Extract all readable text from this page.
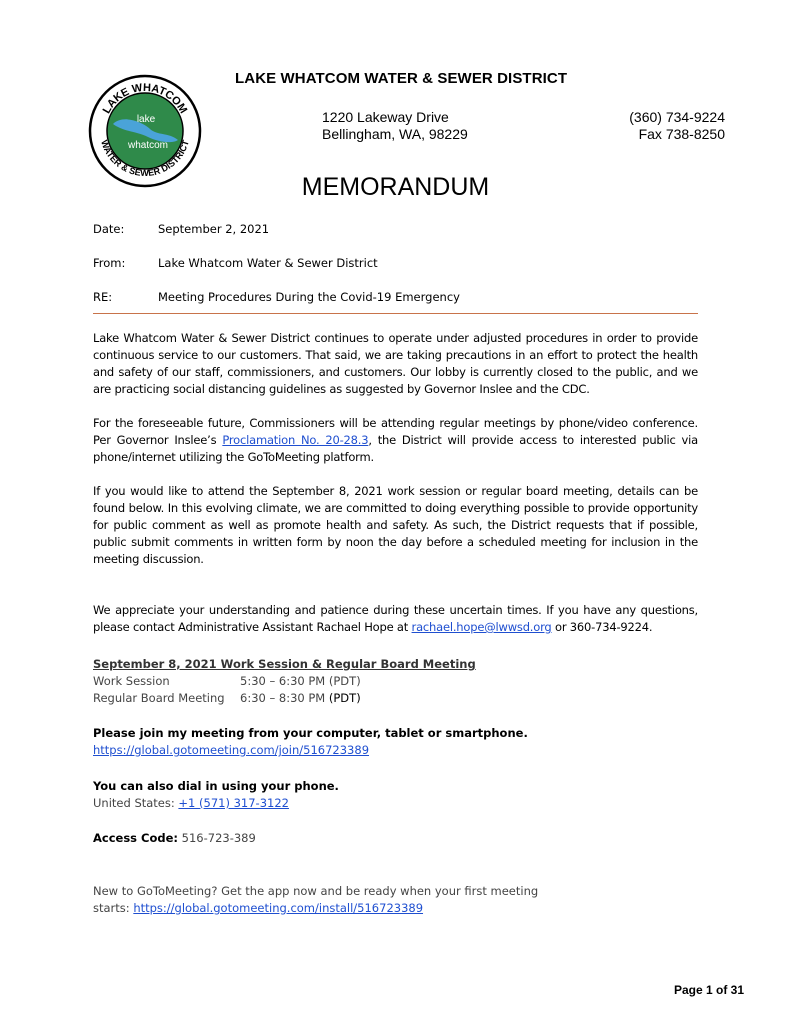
LAKE WHATCOM
WATER & SEWER DISTRICT
lake
whatcom
LAKE WHATCOM WATER & SEWER DISTRICT
1220 Lakeway Drive
Bellingham, WA, 98229
(360) 734-9224
Fax 738-8250
MEMORANDUM
Date:	September 2, 2021
From:	Lake Whatcom Water & Sewer District
RE:	Meeting Procedures During the Covid-19 Emergency
Lake Whatcom Water & Sewer District continues to operate under adjusted procedures in order to provide continuous service to our customers. That said, we are taking precautions in an effort to protect the health and safety of our staff, commissioners, and customers. Our lobby is currently closed to the public, and we are practicing social distancing guidelines as suggested by Governor Inslee and the CDC.
For the foreseeable future, Commissioners will be attending regular meetings by phone/video conference. Per Governor Inslee’s Proclamation No. 20-28.3, the District will provide access to interested public via phone/internet utilizing the GoToMeeting platform.
If you would like to attend the September 8, 2021 work session or regular board meeting, details can be found below. In this evolving climate, we are committed to doing everything possible to provide opportunity for public comment as well as promote health and safety. As such, the District requests that if possible, public submit comments in written form by noon the day before a scheduled meeting for inclusion in the meeting discussion.
We appreciate your understanding and patience during these uncertain times. If you have any questions, please contact Administrative Assistant Rachael Hope at rachael.hope@lwwsd.org or 360-734-9224.
September 8, 2021 Work Session & Regular Board Meeting
Work Session	5:30 – 6:30 PM (PDT)
Regular Board Meeting 6:30 – 8:30 PM (PDT)
Please join my meeting from your computer, tablet or smartphone.
https://global.gotomeeting.com/join/516723389
You can also dial in using your phone.
United States: +1 (571) 317-3122
Access Code: 516-723-389
New to GoToMeeting? Get the app now and be ready when your first meeting
starts: https://global.gotomeeting.com/install/516723389
Page 1 of 31
